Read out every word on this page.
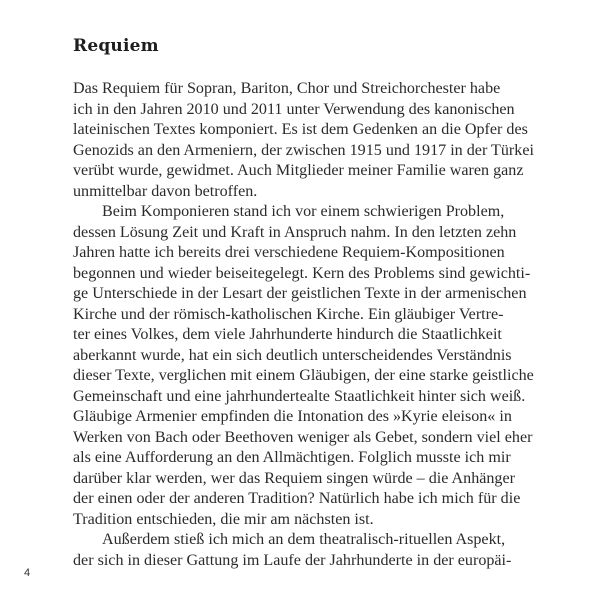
Requiem
Das Requiem für Sopran, Bariton, Chor und Streichorchester habe
ich in den Jahren 2010 und 2011 unter Verwendung des kanonischen
lateinischen Textes komponiert. Es ist dem Gedenken an die Opfer des
Genozids an den Armeniern, der zwischen 1915 und 1917 in der Türkei
verübt wurde, gewidmet. Auch Mitglieder meiner Familie waren ganz
unmittelbar davon betroffen.
Beim Komponieren stand ich vor einem schwierigen Problem,
dessen Lösung Zeit und Kraft in Anspruch nahm. In den letzten zehn
Jahren hatte ich bereits drei verschiedene Requiem-Kompositionen
begonnen und wieder beiseitegelegt. Kern des Problems sind gewichti-
ge Unterschiede in der Lesart der geistlichen Texte in der armenischen
Kirche und der römisch-katholischen Kirche. Ein gläubiger Vertre-
ter eines Volkes, dem viele Jahrhunderte hindurch die Staatlichkeit
aberkannt wurde, hat ein sich deutlich unterscheidendes Verständnis
dieser Texte, verglichen mit einem Gläubigen, der eine starke geistliche
Gemeinschaft und eine jahrhundertealte Staatlichkeit hinter sich weiß.
Gläubige Armenier empfinden die Intonation des »Kyrie eleison« in
Werken von Bach oder Beethoven weniger als Gebet, sondern viel eher
als eine Aufforderung an den Allmächtigen. Folglich musste ich mir
darüber klar werden, wer das Requiem singen würde – die Anhänger
der einen oder der anderen Tradition? Natürlich habe ich mich für die
Tradition entschieden, die mir am nächsten ist.
Außerdem stieß ich mich an dem theatralisch-rituellen Aspekt,
der sich in dieser Gattung im Laufe der Jahrhunderte in der europäi-
4
